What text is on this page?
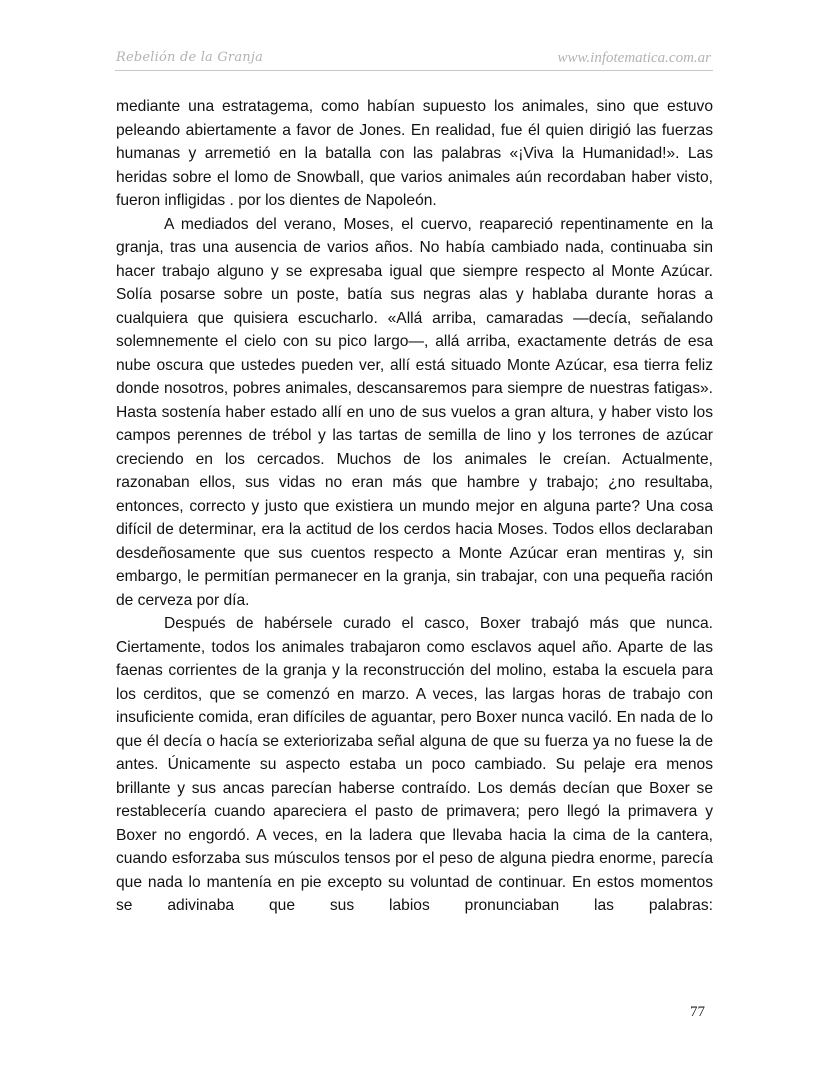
Rebelión de la Granja	www.infotematica.com.ar

mediante una estratagema, como habían supuesto los animales, sino que estuvo peleando abiertamente a favor de Jones. En realidad, fue él quien dirigió las fuerzas humanas y arremetió en la batalla con las palabras «¡Viva la Humanidad!». Las heridas sobre el lomo de Snowball, que varios animales aún recordaban haber visto, fueron infligidas . por los dientes de Napoleón.

A mediados del verano, Moses, el cuervo, reapareció repentinamente en la granja, tras una ausencia de varios años. No había cambiado nada, continuaba sin hacer trabajo alguno y se expresaba igual que siempre respecto al Monte Azúcar. Solía posarse sobre un poste, batía sus negras alas y hablaba durante horas a cualquiera que quisiera escucharlo. «Allá arriba, camaradas —decía, señalando solemnemente el cielo con su pico largo—, allá arriba, exactamente detrás de esa nube oscura que ustedes pueden ver, allí está situado Monte Azúcar, esa tierra feliz donde nosotros, pobres animales, descansaremos para siempre de nuestras fatigas». Hasta sostenía haber estado allí en uno de sus vuelos a gran altura, y haber visto los campos perennes de trébol y las tartas de semilla de lino y los terrones de azúcar creciendo en los cercados. Muchos de los animales le creían. Actualmente, razonaban ellos, sus vidas no eran más que hambre y trabajo; ¿no resultaba, entonces, correcto y justo que existiera un mundo mejor en alguna parte? Una cosa difícil de determinar, era la actitud de los cerdos hacia Moses. Todos ellos declaraban desdeñosamente que sus cuentos respecto a Monte Azúcar eran mentiras y, sin embargo, le permitían permanecer en la granja, sin trabajar, con una pequeña ración de cerveza por día.

Después de habérsele curado el casco, Boxer trabajó más que nunca. Ciertamente, todos los animales trabajaron como esclavos aquel año. Aparte de las faenas corrientes de la granja y la reconstrucción del molino, estaba la escuela para los cerditos, que se comenzó en marzo. A veces, las largas horas de trabajo con insuficiente comida, eran difíciles de aguantar, pero Boxer nunca vaciló. En nada de lo que él decía o hacía se exteriorizaba señal alguna de que su fuerza ya no fuese la de antes. Únicamente su aspecto estaba un poco cambiado. Su pelaje era menos brillante y sus ancas parecían haberse contraído. Los demás decían que Boxer se restablecería cuando apareciera el pasto de primavera; pero llegó la primavera y Boxer no engordó. A veces, en la ladera que llevaba hacia la cima de la cantera, cuando esforzaba sus músculos tensos por el peso de alguna piedra enorme, parecía que nada lo mantenía en pie excepto su voluntad de continuar. En estos momentos se adivinaba que sus labios pronunciaban las palabras:

77
